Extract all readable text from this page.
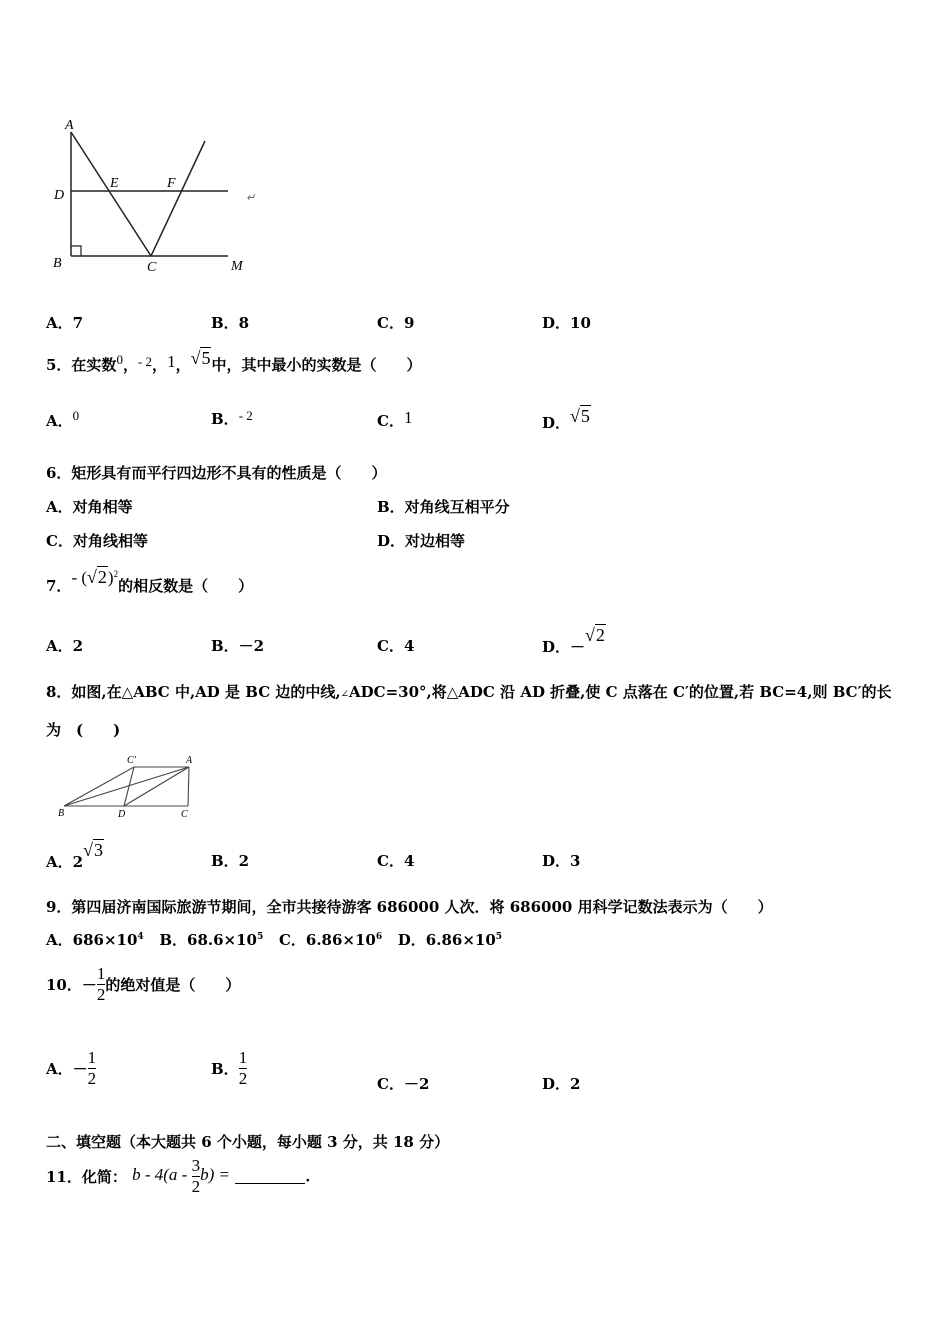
A
D
E	F
B	C	M
↵
A．7	B．8	C．9	D．10
5．在实数0，- 2，1，√5中，其中最小的实数是（　　）
A．0	B．- 2	C．1	D．√5
6．矩形具有而平行四边形不具有的性质是（　　）
A．对角相等	B．对角线互相平分
C．对角线相等	D．对边相等
7．- $(√2)^2$的相反数是（　　）
A．2	B．－2	C．4	D．－√2
8．如图,在△ABC 中,AD 是 BC 边的中线,∠ADC=30°,将△ADC 沿 AD 折叠,使 C 点落在 C′的位置,若 BC=4,则 BC′的长
为　(　　)
C'	A
B	D	C
A．2√3
B．2	C．4	D．3
9．第四届济南国际旅游节期间，全市共接待游客 686000 人次．将 686000 用科学记数法表示为（　　）
A．$686\times 10^4$ B．$68.6\times 10^5$ C．$6.86\times 10^6$ D．$6.86\times 10^5$
10．－ $\frac{1}{2}$ 的绝对值是（　　）
A．－ $\frac{1}{2}$	B． $\frac{1}{2}$	C．－2	D．2
二、填空题（本大题共 6 个小题，每小题 3 分，共 18 分）
11．化简： b - $4(a - \frac{3}{2} b)$ =	.
